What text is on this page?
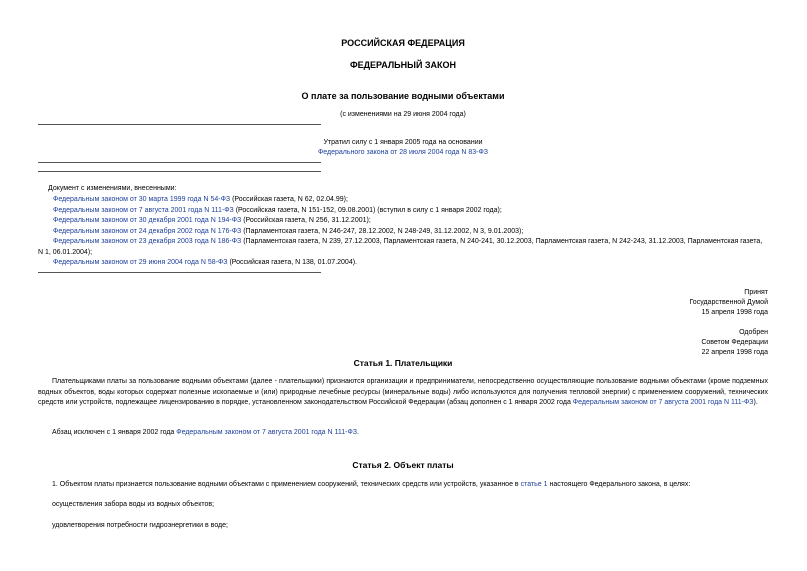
РОССИЙСКАЯ ФЕДЕРАЦИЯ
ФЕДЕРАЛЬНЫЙ ЗАКОН
О плате за пользование водными объектами
(с изменениями на 29 июня 2004 года)
Утратил силу с 1 января 2005 года на основании
Федерального закона от 28 июля 2004 года N 83-ФЗ
Документ с изменениями, внесенными:
Федеральным законом от 30 марта 1999 года N 54-ФЗ (Российская газета, N 62, 02.04.99);
Федеральным законом от 7 августа 2001 года N 111-ФЗ (Российская газета, N 151-152, 09.08.2001) (вступил в силу с 1 января 2002 года);
Федеральным законом от 30 декабря 2001 года N 194-ФЗ (Российская газета, N 256, 31.12.2001);
Федеральным законом от 24 декабря 2002 года N 176-ФЗ (Парламентская газета, N 246-247, 28.12.2002, N 248-249, 31.12.2002, N 3, 9.01.2003);
Федеральным законом от 23 декабря 2003 года N 186-ФЗ (Парламентская газета, N 239, 27.12.2003, Парламентская газета, N 240-241, 30.12.2003, Парламентская газета, N 242-243, 31.12.2003, Парламентская газета, N 1, 06.01.2004);
Федеральным законом от 29 июня 2004 года N 58-ФЗ (Российская газета, N 138, 01.07.2004).
Принят
Государственной Думой
15 апреля 1998 года
Одобрен
Советом Федерации
22 апреля 1998 года
Статья 1. Плательщики
Плательщиками платы за пользование водными объектами (далее - плательщики) признаются организации и предприниматели, непосредственно осуществляющие пользование водными объектами (кроме подземных водных объектов, воды которых содержат полезные ископаемые и (или) природные лечебные ресурсы (минеральные воды) либо используются для получения тепловой энергии) с применением сооружений, технических средств или устройств, подлежащее лицензированию в порядке, установленном законодательством Российской Федерации (абзац дополнен с 1 января 2002 года Федеральным законом от 7 августа 2001 года N 111-ФЗ).
Абзац исключен с 1 января 2002 года Федеральным законом от 7 августа 2001 года N 111-ФЗ.
Статья 2. Объект платы
1. Объектом платы признается пользование водными объектами с применением сооружений, технических средств или устройств, указанное в статье 1 настоящего Федерального закона, в целях:
осуществления забора воды из водных объектов;
удовлетворения потребности гидроэнергетики в воде;
